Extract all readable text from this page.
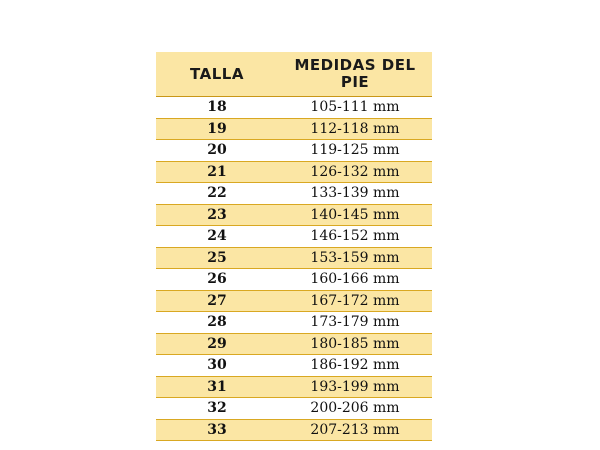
TALLA	MEDIDAS DEL
PIE
18	105-111 mm
19	112-118 mm
20	119-125 mm
21	126-132 mm
22	133-139 mm
23	140-145 mm
24	146-152 mm
25	153-159 mm
26	160-166 mm
27	167-172 mm
28	173-179 mm
29	180-185 mm
30	186-192 mm
31	193-199 mm
32	200-206 mm
33	207-213 mm
